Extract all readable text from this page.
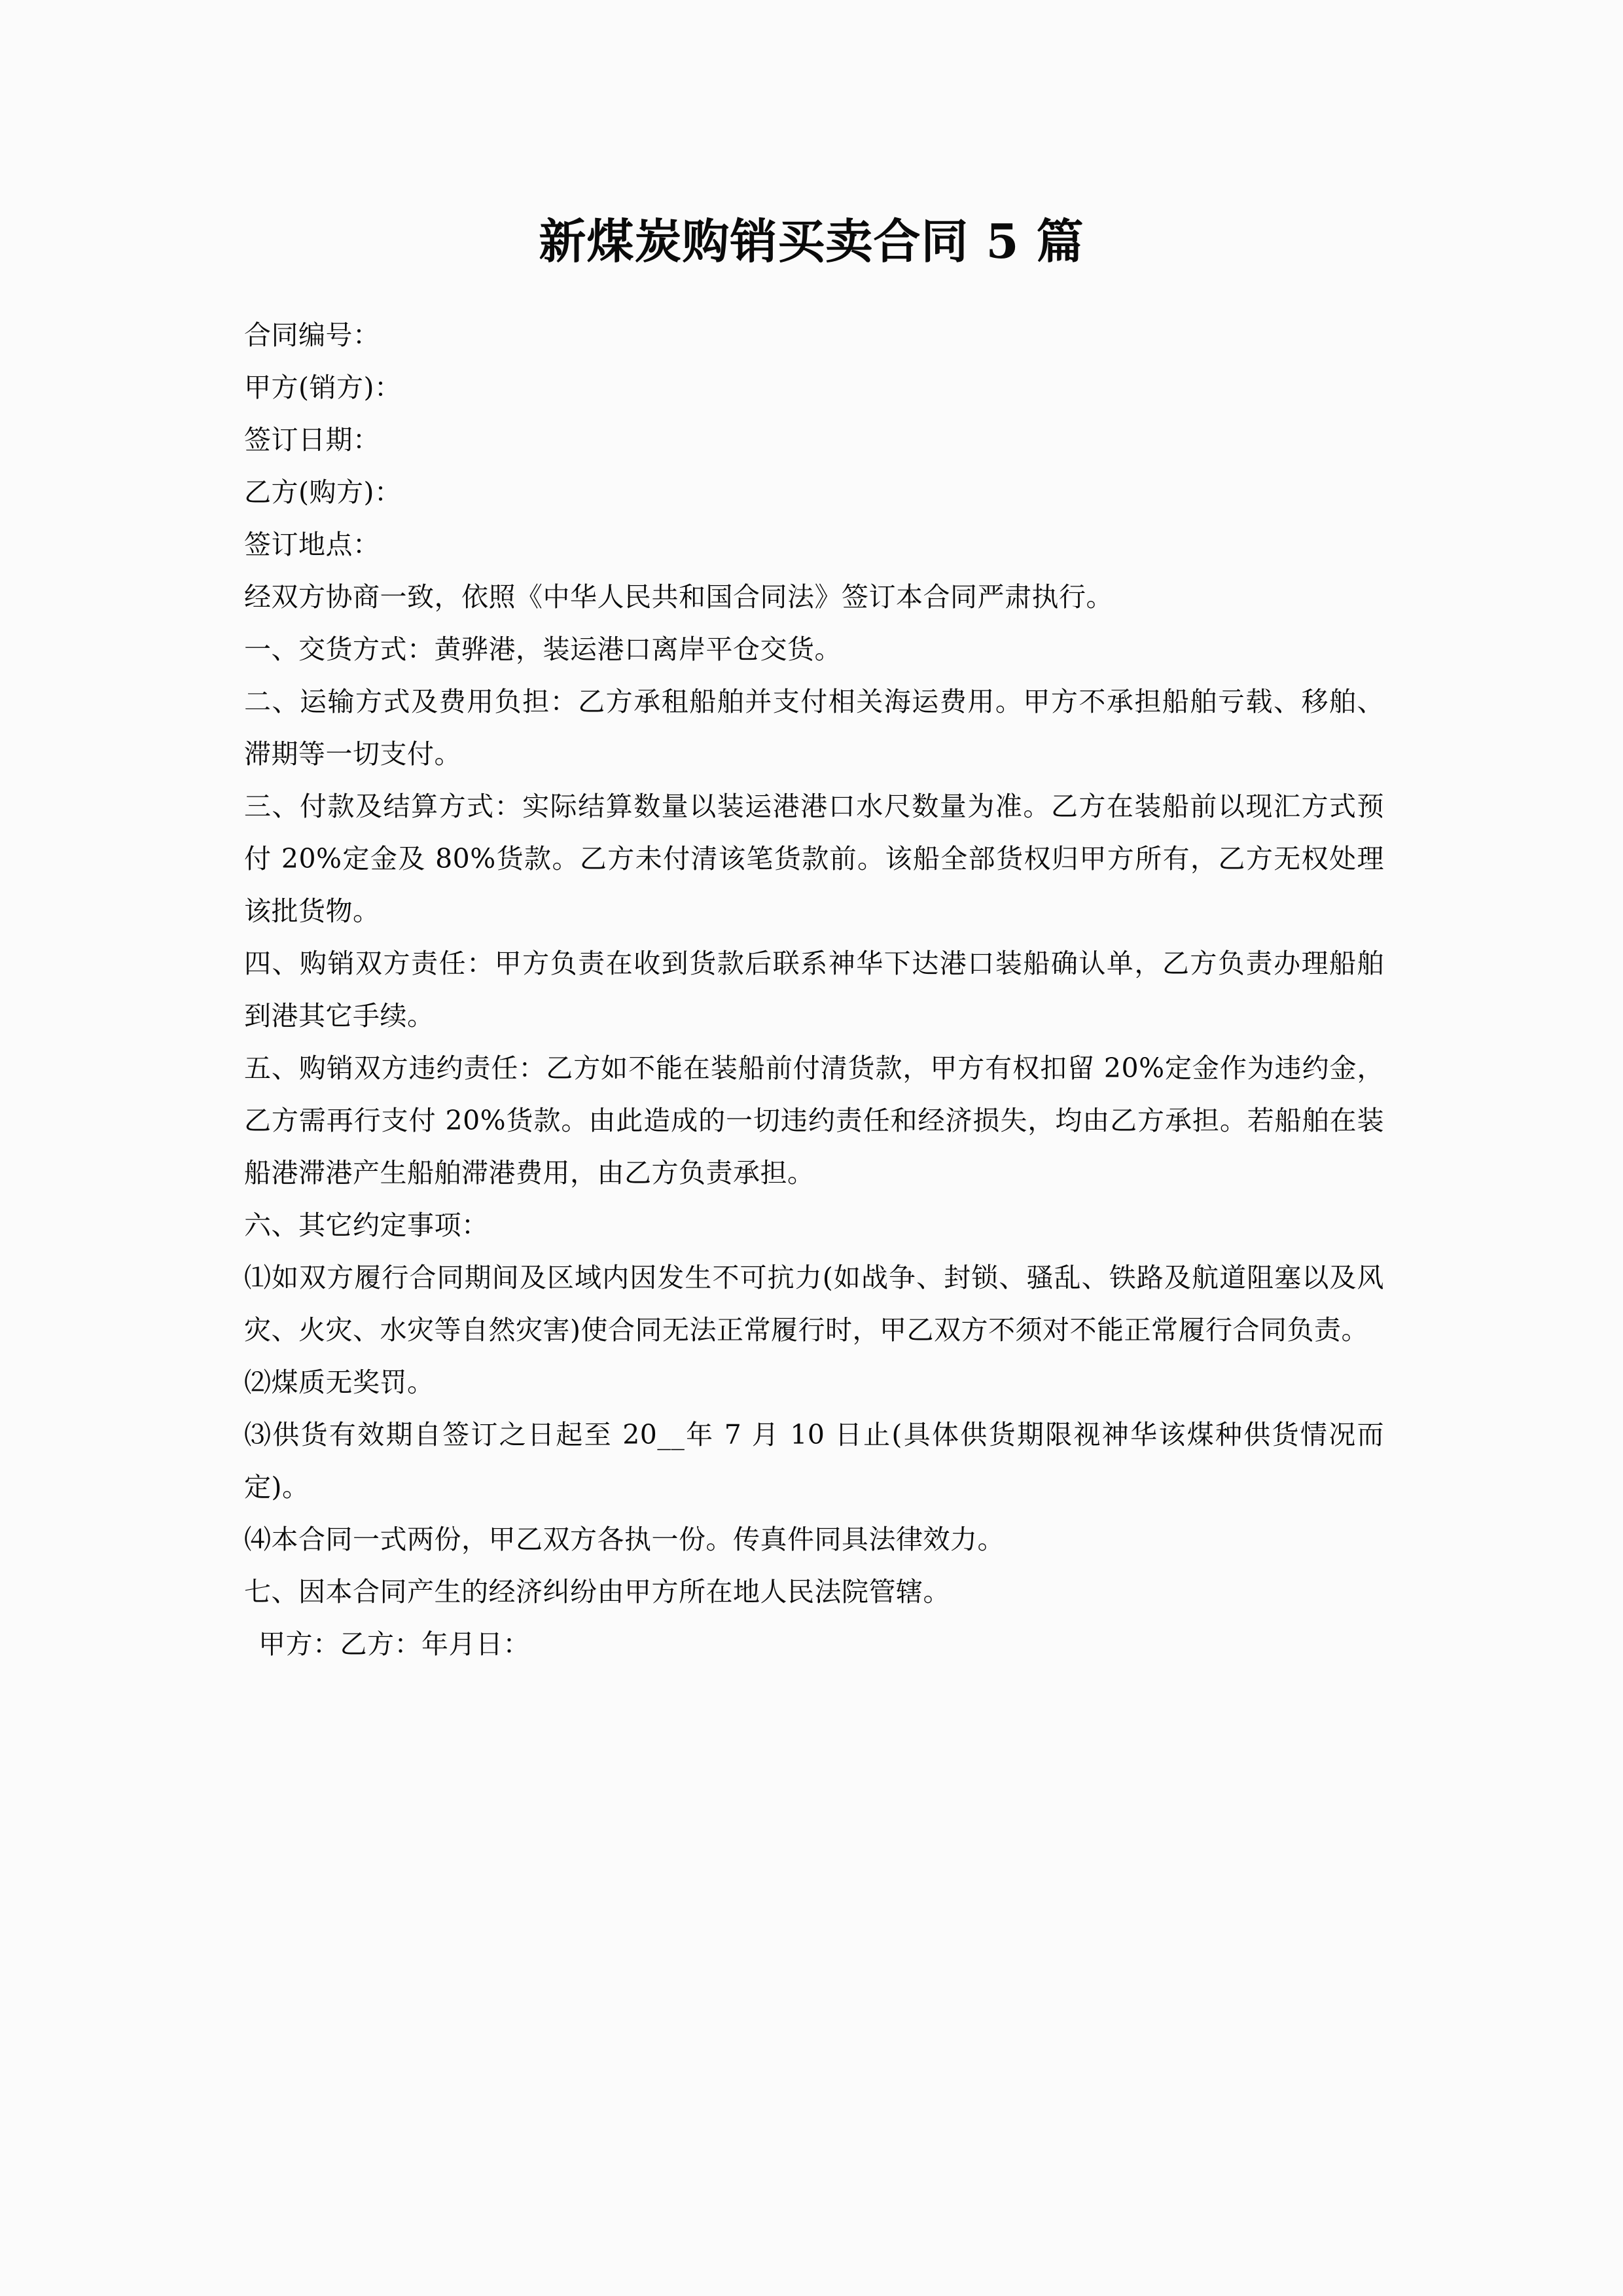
新煤炭购销买卖合同 5 篇

合同编号：

甲方(销方)：

签订日期：

乙方(购方)：

签订地点：

经双方协商一致，依照《中华人民共和国合同法》签订本合同严肃执行。

一、交货方式：黄骅港，装运港口离岸平仓交货。

二、运输方式及费用负担：乙方承租船舶并支付相关海运费用。甲方不承担船舶亏载、移舶、滞期等一切支付。

三、付款及结算方式：实际结算数量以装运港港口水尺数量为准。乙方在装船前以现汇方式预付 20%定金及 80%货款。乙方未付清该笔货款前。该船全部货权归甲方所有，乙方无权处理该批货物。

四、购销双方责任：甲方负责在收到货款后联系神华下达港口装船确认单，乙方负责办理船舶到港其它手续。

五、购销双方违约责任：乙方如不能在装船前付清货款，甲方有权扣留 20%定金作为违约金，乙方需再行支付 20%货款。由此造成的一切违约责任和经济损失，均由乙方承担。若船舶在装船港滞港产生船舶滞港费用，由乙方负责承担。

六、其它约定事项：

⑴如双方履行合同期间及区域内因发生不可抗力(如战争、封锁、骚乱、铁路及航道阻塞以及风灾、火灾、水灾等自然灾害)使合同无法正常履行时，甲乙双方不须对不能正常履行合同负责。

⑵煤质无奖罚。

⑶供货有效期自签订之日起至 20__年 7 月 10 日止(具体供货期限视神华该煤种供货情况而定)。

⑷本合同一式两份，甲乙双方各执一份。传真件同具法律效力。

七、因本合同产生的经济纠纷由甲方所在地人民法院管辖。

甲方：乙方：年月日：
